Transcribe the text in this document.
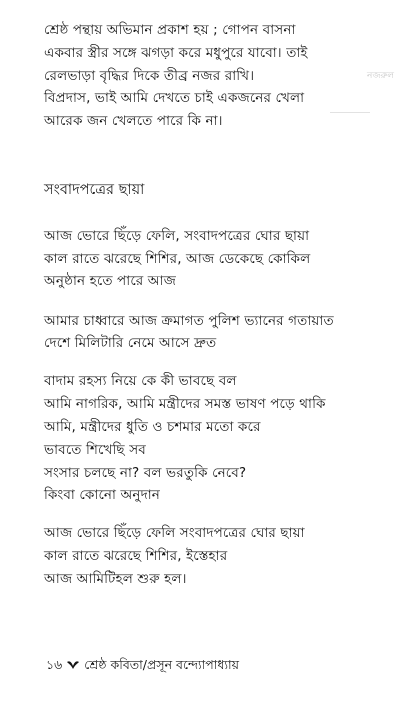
নজরুল
শ্রেষ্ঠ পন্থায় অভিমান প্রকাশ হয় ; গোপন বাসনা
একবার স্ত্রীর সঙ্গে ঝগড়া করে মধুপুরে যাবো। তাই
রেলভাড়া বৃদ্ধির দিকে তীব্র নজর রাখি।
বিপ্রদাস, ভাই আমি দেখতে চাই একজনের খেলা
আরেক জন খেলতে পারে কি না।
সংবাদপত্রের ছায়া
আজ ভোরে ছিঁড়ে ফেলি, সংবাদপত্রের ঘোর ছায়া
কাল রাতে ঝরেছে শিশির, আজ ডেকেছে কোকিল
অনুষ্ঠান হতে পারে আজ
আমার চাধ্বারে আজ ক্রমাগত পুলিশ ভ্যানের গতায়াত
দেশে মিলিটারি নেমে আসে দ্রুত
বাদাম রহস্য নিয়ে কে কী ভাবছে বল
আমি নাগরিক, আমি মন্ত্রীদের সমস্ত ভাষণ পড়ে থাকি
আমি, মন্ত্রীদের ধুতি ও চশমার মতো করে
ভাবতে শিখেছি সব
সংসার চলছে না? বল ভরতুকি নেবে?
কিংবা কোনো অনুদান
আজ ভোরে ছিঁড়ে ফেলি সংবাদপত্রের ঘোর ছায়া
কাল রাতে ঝরেছে শিশির, ইস্তেহার
আজ আমিটিহল শুরু হল।
১৬ শ্রেষ্ঠ কবিতা/প্রসূন বন্দ্যোপাধ্যায়
